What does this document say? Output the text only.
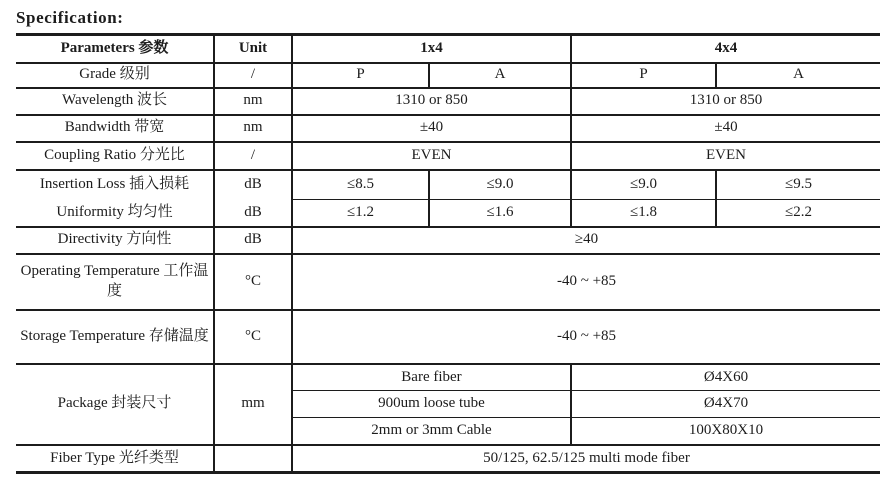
Specification:
Parameters 参数	Unit	1x4		4x4	
Grade 级别	/	P	A	P	A
Wavelength 波长	nm	1310 or 850		1310 or 850	
Bandwidth 带宽	nm	±40		±40	
Coupling Ratio 分光比	/	EVEN		EVEN	
Insertion Loss 插入损耗	dB	≤8.5	≤9.0	≤9.0	≤9.5
Uniformity 均匀性	dB	≤1.2	≤1.6	≤1.8	≤2.2
Directivity 方向性	dB	≥40			
Operating Temperature 工作温度	°C	-40 ~ +85			
Storage Temperature 存储温度	°C	-40 ~ +85			
Package 封装尺寸	mm	Bare fiber		Ø4X60	
		900um loose tube		Ø4X70	
		2mm or 3mm Cable		100X80X10	
Fiber Type 光纤类型		50/125, 62.5/125 multi mode fiber			
